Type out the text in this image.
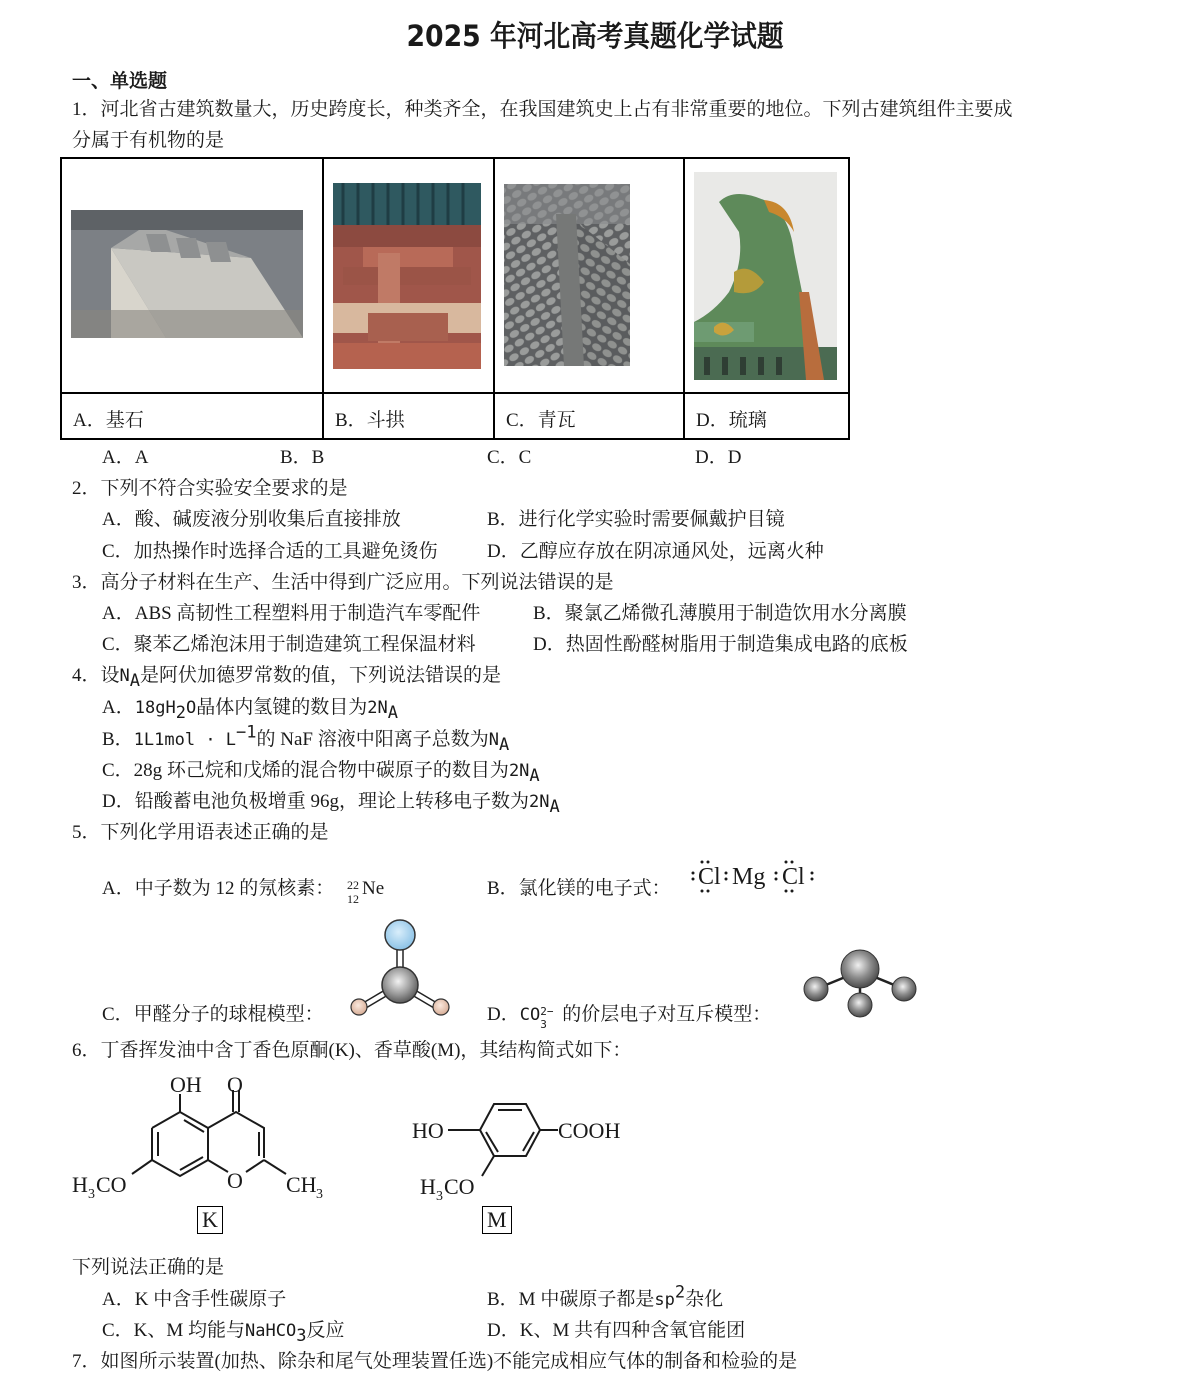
2025 年河北高考真题化学试题
一、单选题
1．河北省古建筑数量大，历史跨度长，种类齐全，在我国建筑史上占有非常重要的地位。下列古建筑组件主要成
分属于有机物的是
A．基石	B．斗拱	C．青瓦	D．琉璃
A．A	B．B	C．C	D．D
2．下列不符合实验安全要求的是
A．酸、碱废液分别收集后直接排放	B．进行化学实验时需要佩戴护目镜
C．加热操作时选择合适的工具避免烫伤	D．乙醇应存放在阴凉通风处，远离火种
3．高分子材料在生产、生活中得到广泛应用。下列说法错误的是
A．ABS 高韧性工程塑料用于制造汽车零配件	B．聚氯乙烯微孔薄膜用于制造饮用水分离膜
C．聚苯乙烯泡沫用于制造建筑工程保温材料	D．热固性酚醛树脂用于制造集成电路的底板
4．设$N_A$是阿伏加德罗常数的值，下列说法错误的是
A．$18gH_2O$晶体内氢键的数目为$2N_A$
B．$1L1mol \cdot L^{-1}$的 NaF 溶液中阳离子总数为$N_A$
C．28g 环己烷和戊烯的混合物中碳原子的数目为$2N_A$
D．铅酸蓄电池负极增重 96g，理论上转移电子数为$2N_A$
5．下列化学用语表述正确的是
A．中子数为 12 的氖核素： 22
12 Ne	B．氯化镁的电子式： Cl Mg Cl
C．甲醛分子的球棍模型：	D．CO 2−
3 的价层电子对互斥模型：
6．丁香挥发油中含丁香色原酮(K)、香草酸(M)，其结构简式如下：
OH O
O
H 3 CO	CH 3
K
HO	COOH
H 3 CO
M
下列说法正确的是
A．K 中含手性碳原子	B．M 中碳原子都是$sp^2$杂化
C．K、M 均能与NaHCO$_3$反应	D．K、M 共有四种含氧官能团
7．如图所示装置(加热、除杂和尾气处理装置任选)不能完成相应气体的制备和检验的是
